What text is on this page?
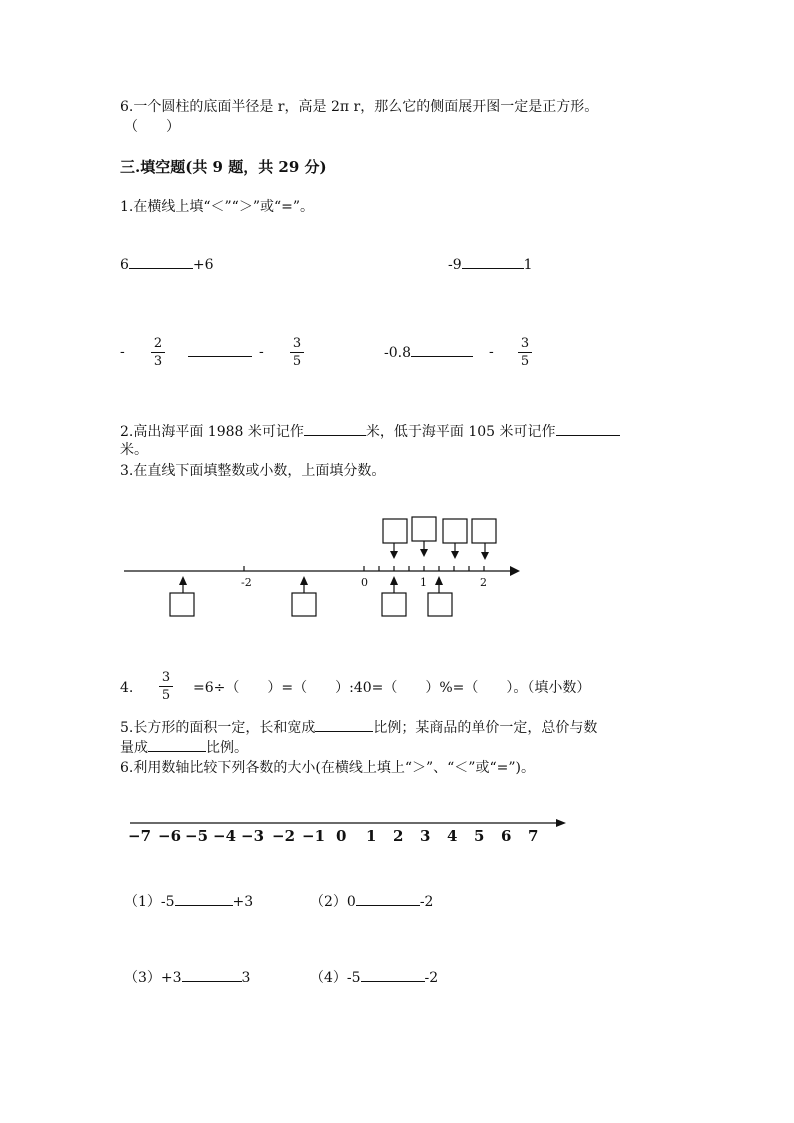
6.一个圆柱的底面半径是 r，高是 2π r，那么它的侧面展开图一定是正方形。
（　　）
三.填空题(共 9 题，共 29 分)
1.在横线上填“＜”“＞”或“=”。
6	+6	-9	1
-
2
3
-
3
5
-0.8	-
3
5
2.高出海平面 1988 米可记作	米，低于海平面 105 米可记作
米。
3.在直线下面填整数或小数，上面填分数。
-2	0	1	2
−7 −6 −5 −4 −3 −2 −1 0 1 2 3 4 5 6 7
4.
3
5 =6÷（　　）=（　　）:40=（　　）%=（　　）。（填小数）
5.长方形的面积一定，长和宽成	比例；某商品的单价一定，总价与数
量成	比例。
6.利用数轴比较下列各数的大小(在横线上填上“＞”、“＜”或“=”)。
（1）-5	+3	（2）0	-2
（3）+3	3	（4）-5	-2
